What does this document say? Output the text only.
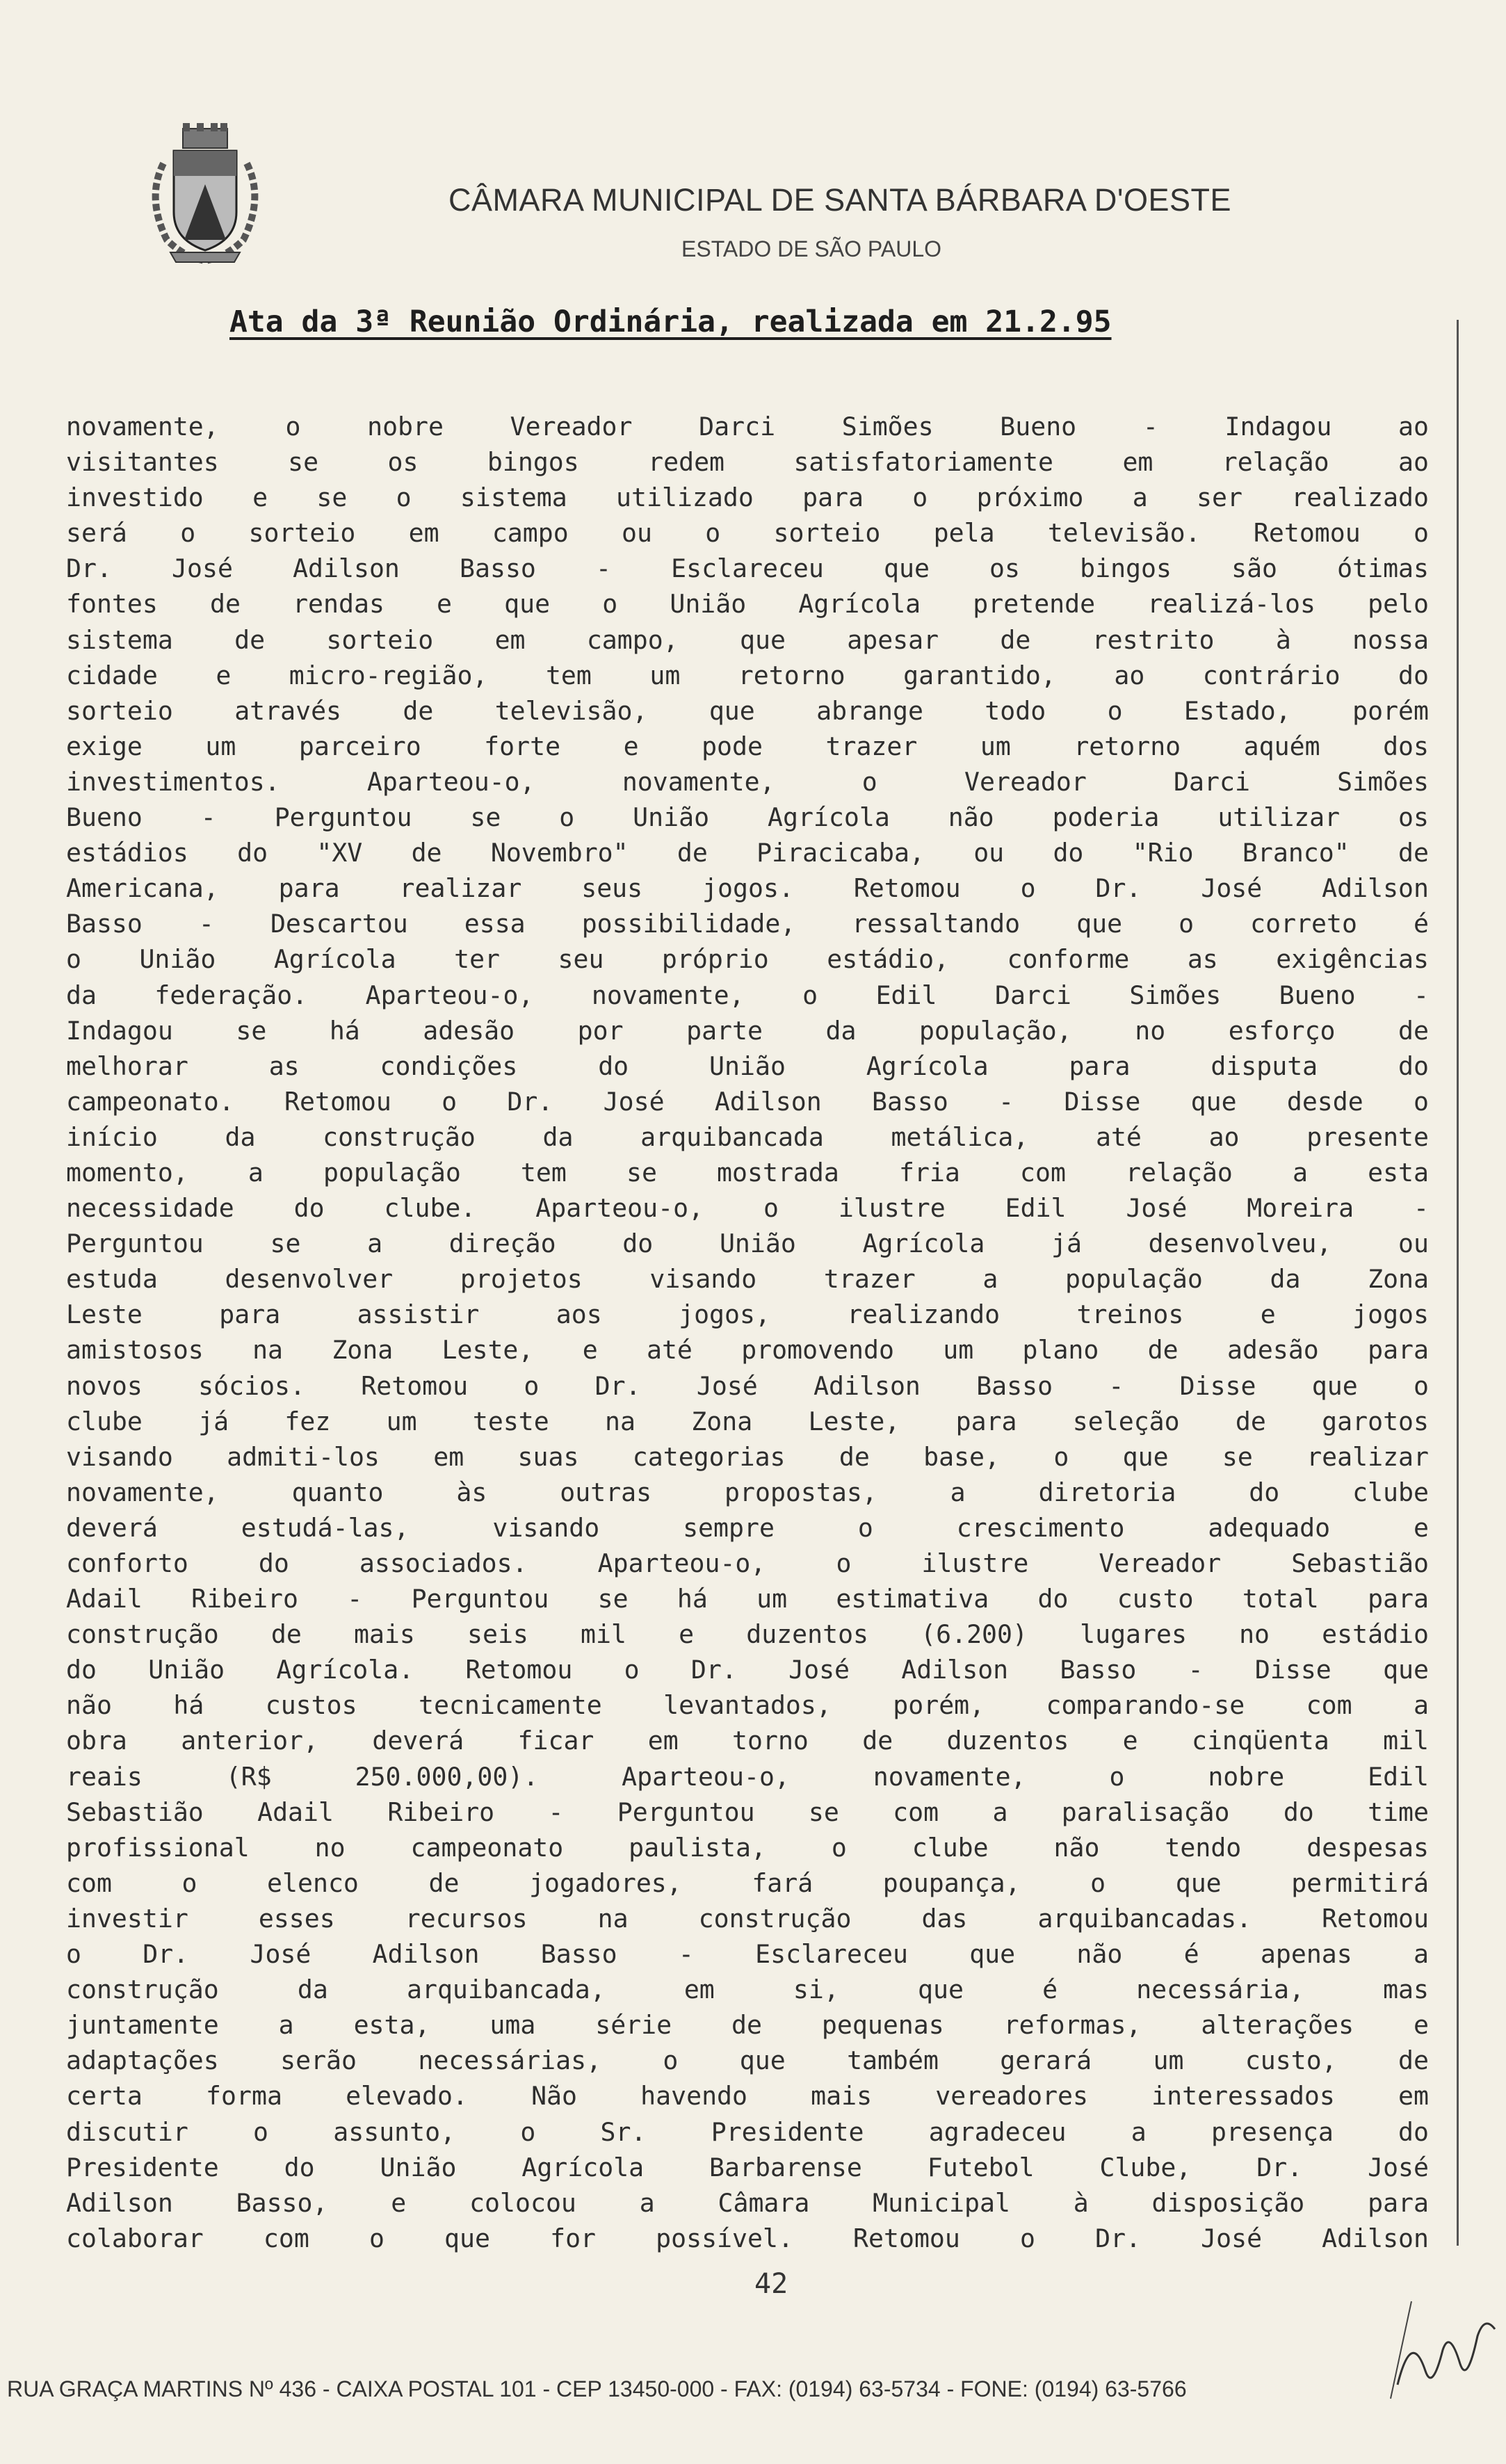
CÂMARA MUNICIPAL DE SANTA BÁRBARA D'OESTE
ESTADO DE SÃO PAULO
Ata da 3ª Reunião Ordinária, realizada em 21.2.95
novamente, o nobre Vereador Darci Simões Bueno - Indagou ao
visitantes se os bingos redem satisfatoriamente em relação ao
investido e se o sistema utilizado para o próximo a ser realizado
será o sorteio em campo ou o sorteio pela televisão. Retomou o
Dr. José Adilson Basso - Esclareceu que os bingos são ótimas
fontes de rendas e que o União Agrícola pretende realizá-los pelo
sistema de sorteio em campo, que apesar de restrito à nossa
cidade e micro-região, tem um retorno garantido, ao contrário do
sorteio através de televisão, que abrange todo o Estado, porém
exige um parceiro forte e pode trazer um retorno aquém dos
investimentos. Aparteou-o, novamente, o Vereador Darci Simões
Bueno - Perguntou se o União Agrícola não poderia utilizar os
estádios do "XV de Novembro" de Piracicaba, ou do "Rio Branco" de
Americana, para realizar seus jogos. Retomou o Dr. José Adilson
Basso - Descartou essa possibilidade, ressaltando que o correto é
o União Agrícola ter seu próprio estádio, conforme as exigências
da federação. Aparteou-o, novamente, o Edil Darci Simões Bueno -
Indagou se há adesão por parte da população, no esforço de
melhorar as condições do União Agrícola para disputa do
campeonato. Retomou o Dr. José Adilson Basso - Disse que desde o
início da construção da arquibancada metálica, até ao presente
momento, a população tem se mostrada fria com relação a esta
necessidade do clube. Aparteou-o, o ilustre Edil José Moreira -
Perguntou se a direção do União Agrícola já desenvolveu, ou
estuda desenvolver projetos visando trazer a população da Zona
Leste para assistir aos jogos, realizando treinos e jogos
amistosos na Zona Leste, e até promovendo um plano de adesão para
novos sócios. Retomou o Dr. José Adilson Basso - Disse que o
clube já fez um teste na Zona Leste, para seleção de garotos
visando admiti-los em suas categorias de base, o que se realizar
novamente, quanto às outras propostas, a diretoria do clube
deverá estudá-las, visando sempre o crescimento adequado e
conforto do associados. Aparteou-o, o ilustre Vereador Sebastião
Adail Ribeiro - Perguntou se há um estimativa do custo total para
construção de mais seis mil e duzentos (6.200) lugares no estádio
do União Agrícola. Retomou o Dr. José Adilson Basso - Disse que
não há custos tecnicamente levantados, porém, comparando-se com a
obra anterior, deverá ficar em torno de duzentos e cinqüenta mil
reais (R$ 250.000,00). Aparteou-o, novamente, o nobre Edil
Sebastião Adail Ribeiro - Perguntou se com a paralisação do time
profissional no campeonato paulista, o clube não tendo despesas
com o elenco de jogadores, fará poupança, o que permitirá
investir esses recursos na construção das arquibancadas. Retomou
o Dr. José Adilson Basso - Esclareceu que não é apenas a
construção da arquibancada, em si, que é necessária, mas
juntamente a esta, uma série de pequenas reformas, alterações e
adaptações serão necessárias, o que também gerará um custo, de
certa forma elevado. Não havendo mais vereadores interessados em
discutir o assunto, o Sr. Presidente agradeceu a presença do
Presidente do União Agrícola Barbarense Futebol Clube, Dr. José
Adilson Basso, e colocou a Câmara Municipal à disposição para
colaborar com o que for possível. Retomou o Dr. José Adilson
42
RUA GRAÇA MARTINS Nº 436 - CAIXA POSTAL 101 - CEP 13450-000 - FAX: (0194) 63-5734 - FONE: (0194) 63-5766
